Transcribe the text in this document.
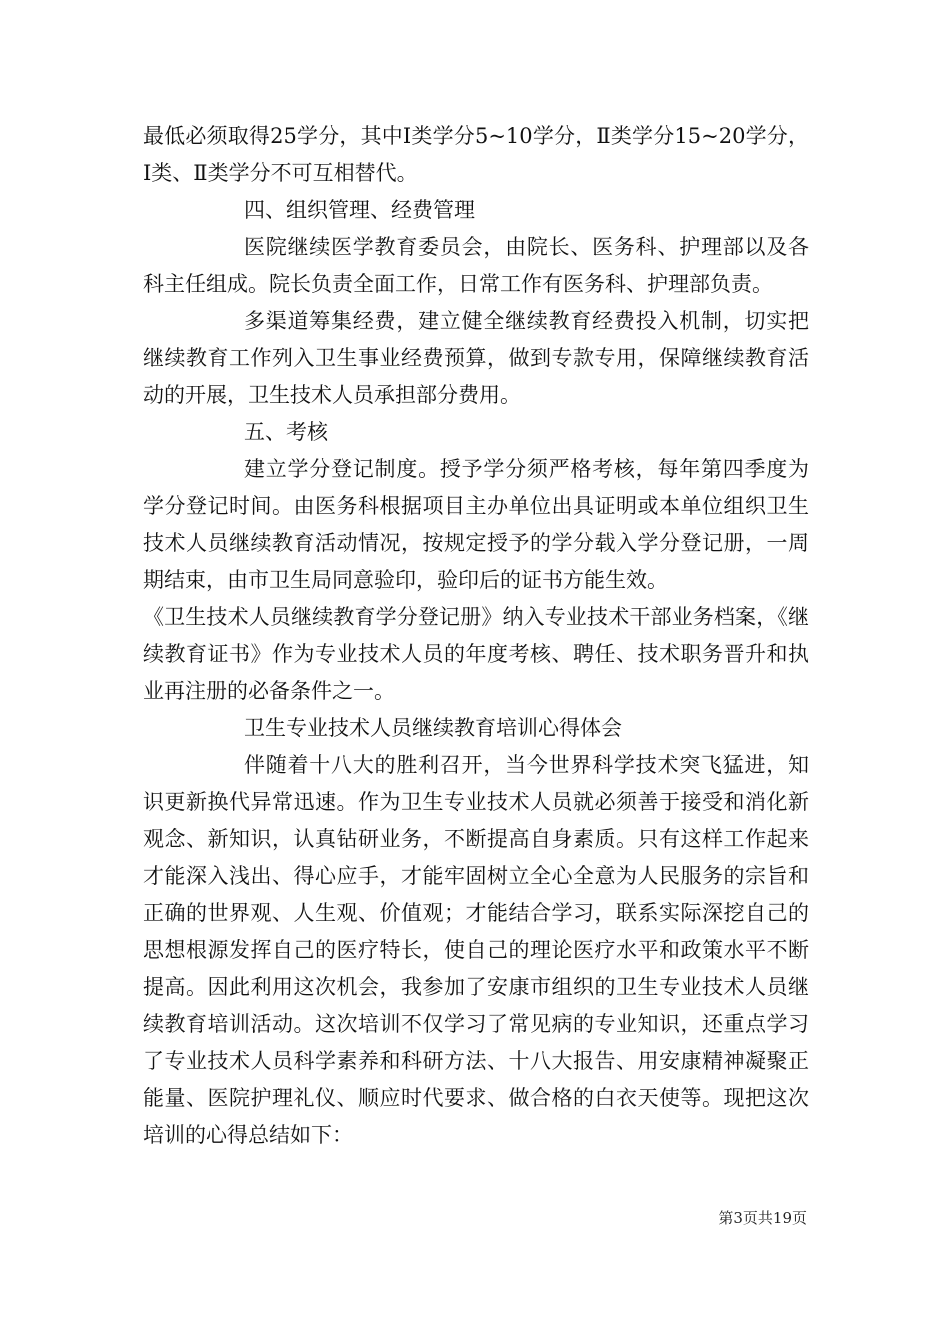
最低必须取得25学分，其中Ⅰ类学分5~10学分，Ⅱ类学分15~20学分，Ⅰ类、Ⅱ类学分不可互相替代。

四、组织管理、经费管理

医院继续医学教育委员会，由院长、医务科、护理部以及各科主任组成。院长负责全面工作，日常工作有医务科、护理部负责。

多渠道筹集经费，建立健全继续教育经费投入机制，切实把继续教育工作列入卫生事业经费预算，做到专款专用，保障继续教育活动的开展，卫生技术人员承担部分费用。

五、考核

建立学分登记制度。授予学分须严格考核，每年第四季度为学分登记时间。由医务科根据项目主办单位出具证明或本单位组织卫生技术人员继续教育活动情况，按规定授予的学分载入学分登记册，一周期结束，由市卫生局同意验印，验印后的证书方能生效。

《卫生技术人员继续教育学分登记册》纳入专业技术干部业务档案，《继续教育证书》作为专业技术人员的年度考核、聘任、技术职务晋升和执业再注册的必备条件之一。

卫生专业技术人员继续教育培训心得体会

伴随着十八大的胜利召开，当今世界科学技术突飞猛进，知识更新换代异常迅速。作为卫生专业技术人员就必须善于接受和消化新观念、新知识，认真钻研业务，不断提高自身素质。只有这样工作起来才能深入浅出、得心应手，才能牢固树立全心全意为人民服务的宗旨和正确的世界观、人生观、价值观；才能结合学习，联系实际深挖自己的思想根源发挥自己的医疗特长，使自己的理论医疗水平和政策水平不断提高。因此利用这次机会，我参加了安康市组织的卫生专业技术人员继续教育培训活动。这次培训不仅学习了常见病的专业知识，还重点学习了专业技术人员科学素养和科研方法、十八大报告、用安康精神凝聚正能量、医院护理礼仪、顺应时代要求、做合格的白衣天使等。现把这次培训的心得总结如下：

第3页共19页
